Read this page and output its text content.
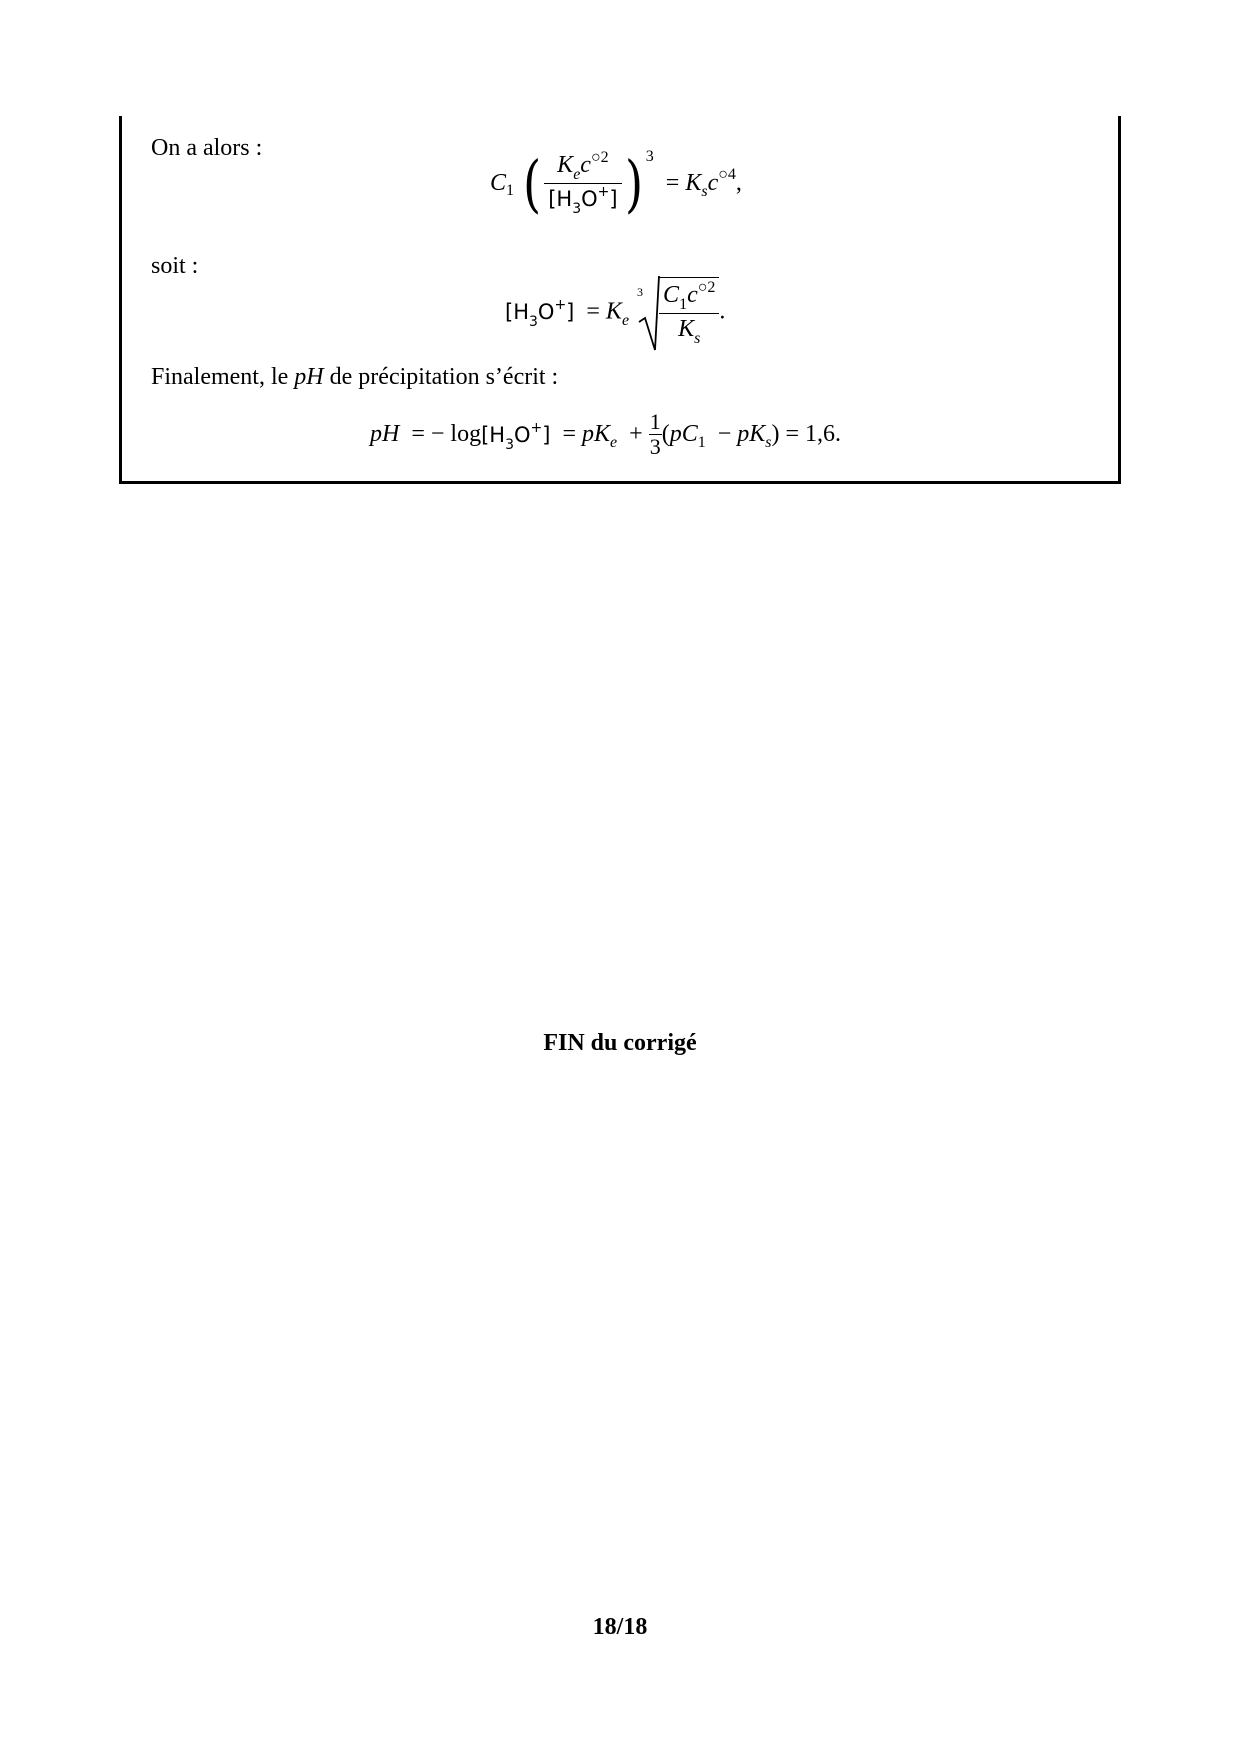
On a alors :
$C_1$ ( $\frac{K_ec^{○2}}{[H_3O^+]}$ ) $^3 = K_sc^{○4}$,
soit :
$[H_3O^+] = K_e$
$3 \frac{C_1c^{○2}}{K_s}$ .
Finalement, le pH de précipitation s’écrit :
pH  = − $\log[H_3O^+] = pK_e + \frac{1}{3} (pC_1 - pK_s) = 1,6$.
FIN du corrigé
18/18
